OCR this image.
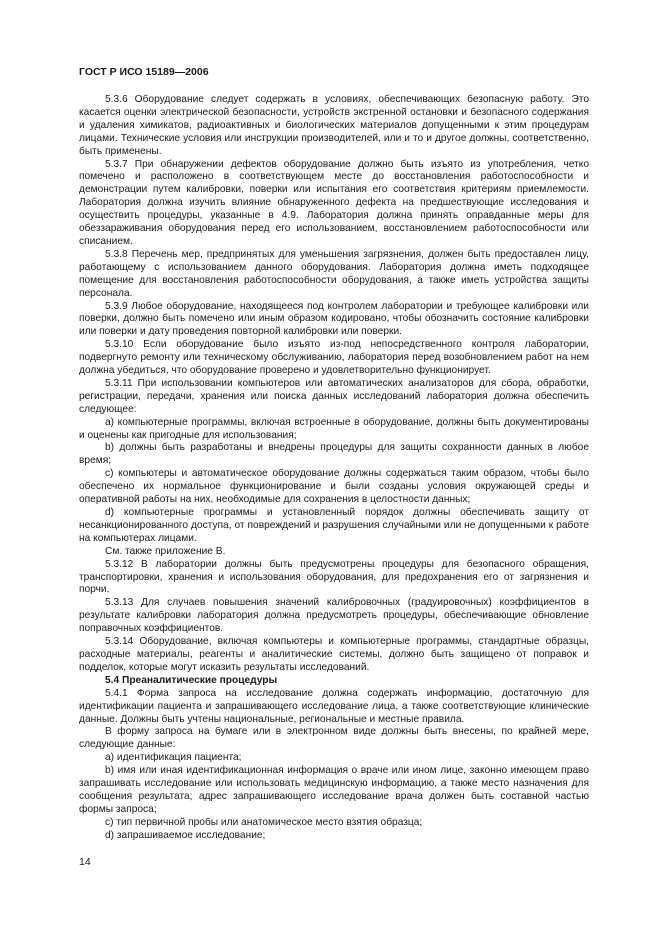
ГОСТ Р ИСО 15189—2006

5.3.6 Оборудование следует содержать в условиях, обеспечивающих безопасную работу. Это касается оценки электрической безопасности, устройств экстренной остановки и безопасного содержания и удаления химикатов, радиоактивных и биологических материалов допущенными к этим процедурам лицами. Технические условия или инструкции производителей, или и то и другое должны, соответственно, быть применены.

5.3.7 При обнаружении дефектов оборудование должно быть изъято из употребления, четко помечено и расположено в соответствующем месте до восстановления работоспособности и демонстрации путем калибровки, поверки или испытания его соответствия критериям приемлемости. Лаборатория должна изучить влияние обнаруженного дефекта на предшествующие исследования и осуществить процедуры, указанные в 4.9. Лаборатория должна принять оправданные меры для обеззараживания оборудования перед его использованием, восстановлением работоспособности или списанием.

5.3.8 Перечень мер, предпринятых для уменьшения загрязнения, должен быть предоставлен лицу, работающему с использованием данного оборудования. Лаборатория должна иметь подходящее помещение для восстановления работоспособности оборудования, а также иметь устройства защиты персонала.

5.3.9 Любое оборудование, находящееся под контролем лаборатории и требующее калибровки или поверки, должно быть помечено или иным образом кодировано, чтобы обозначить состояние калибровки или поверки и дату проведения повторной калибровки или поверки.

5.3.10 Если оборудование было изъято из-под непосредственного контроля лаборатории, подвергнуто ремонту или техническому обслуживанию, лаборатория перед возобновлением работ на нем должна убедиться, что оборудование проверено и удовлетворительно функционирует.

5.3.11 При использовании компьютеров или автоматических анализаторов для сбора, обработки, регистрации, передачи, хранения или поиска данных исследований лаборатория должна обеспечить следующее:

a) компьютерные программы, включая встроенные в оборудование, должны быть документированы и оценены как пригодные для использования;

b) должны быть разработаны и внедрены процедуры для защиты сохранности данных в любое время;

c) компьютеры и автоматическое оборудование должны содержаться таким образом, чтобы было обеспечено их нормальное функционирование и были созданы условия окружающей среды и оперативной работы на них, необходимые для сохранения в целостности данных;

d) компьютерные программы и установленный порядок должны обеспечивать защиту от несанкционированного доступа, от повреждений и разрушения случайными или не допущенными к работе на компьютерах лицами.

См. также приложение B.

5.3.12 В лаборатории должны быть предусмотрены процедуры для безопасного обращения, транспортировки, хранения и использования оборудования, для предохранения его от загрязнения и порчи.

5.3.13 Для случаев повышения значений калибровочных (градуировочных) коэффициентов в результате калибровки лаборатория должна предусмотреть процедуры, обеспечивающие обновление поправочных коэффициентов.

5.3.14 Оборудование, включая компьютеры и компьютерные программы, стандартные образцы, расходные материалы, реагенты и аналитические системы, должно быть защищено от поправок и подделок, которые могут исказить результаты исследований.

5.4 Преаналитические процедуры

5.4.1 Форма запроса на исследование должна содержать информацию, достаточную для идентификации пациента и запрашивающего исследование лица, а также соответствующие клинические данные. Должны быть учтены национальные, региональные и местные правила.

В форму запроса на бумаге или в электронном виде должны быть внесены, по крайней мере, следующие данные:

a) идентификация пациента;

b) имя или иная идентификационная информация о враче или ином лице, законно имеющем право запрашивать исследование или использовать медицинскую информацию, а также место назначения для сообщения результата; адрес запрашивающего исследование врача должен быть составной частью формы запроса;

c) тип первичной пробы или анатомическое место взятия образца;

d) запрашиваемое исследование;

14
